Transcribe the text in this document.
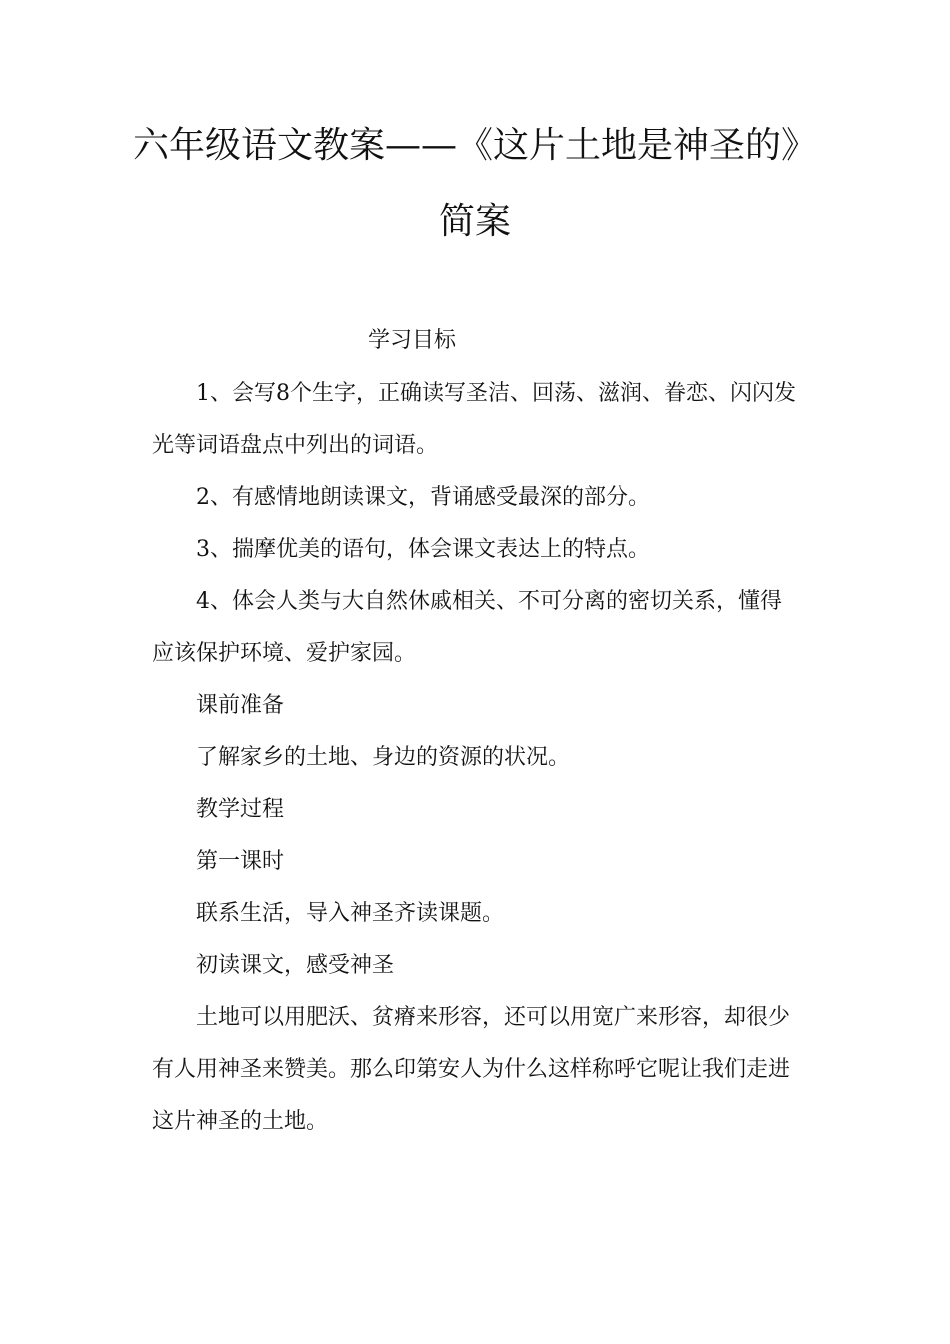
六年级语文教案——《这片土地是神圣的》
简案
学习目标

1、会写8个生字，正确读写圣洁、回荡、滋润、眷恋、闪闪发光等词语盘点中列出的词语。

2、有感情地朗读课文，背诵感受最深的部分。

3、揣摩优美的语句，体会课文表达上的特点。

4、体会人类与大自然休戚相关、不可分离的密切关系，懂得应该保护环境、爱护家园。

课前准备

了解家乡的土地、身边的资源的状况。

教学过程

第一课时

联系生活，导入神圣齐读课题。

初读课文，感受神圣

土地可以用肥沃、贫瘠来形容，还可以用宽广来形容，却很少有人用神圣来赞美。那么印第安人为什么这样称呼它呢让我们走进这片神圣的土地。
